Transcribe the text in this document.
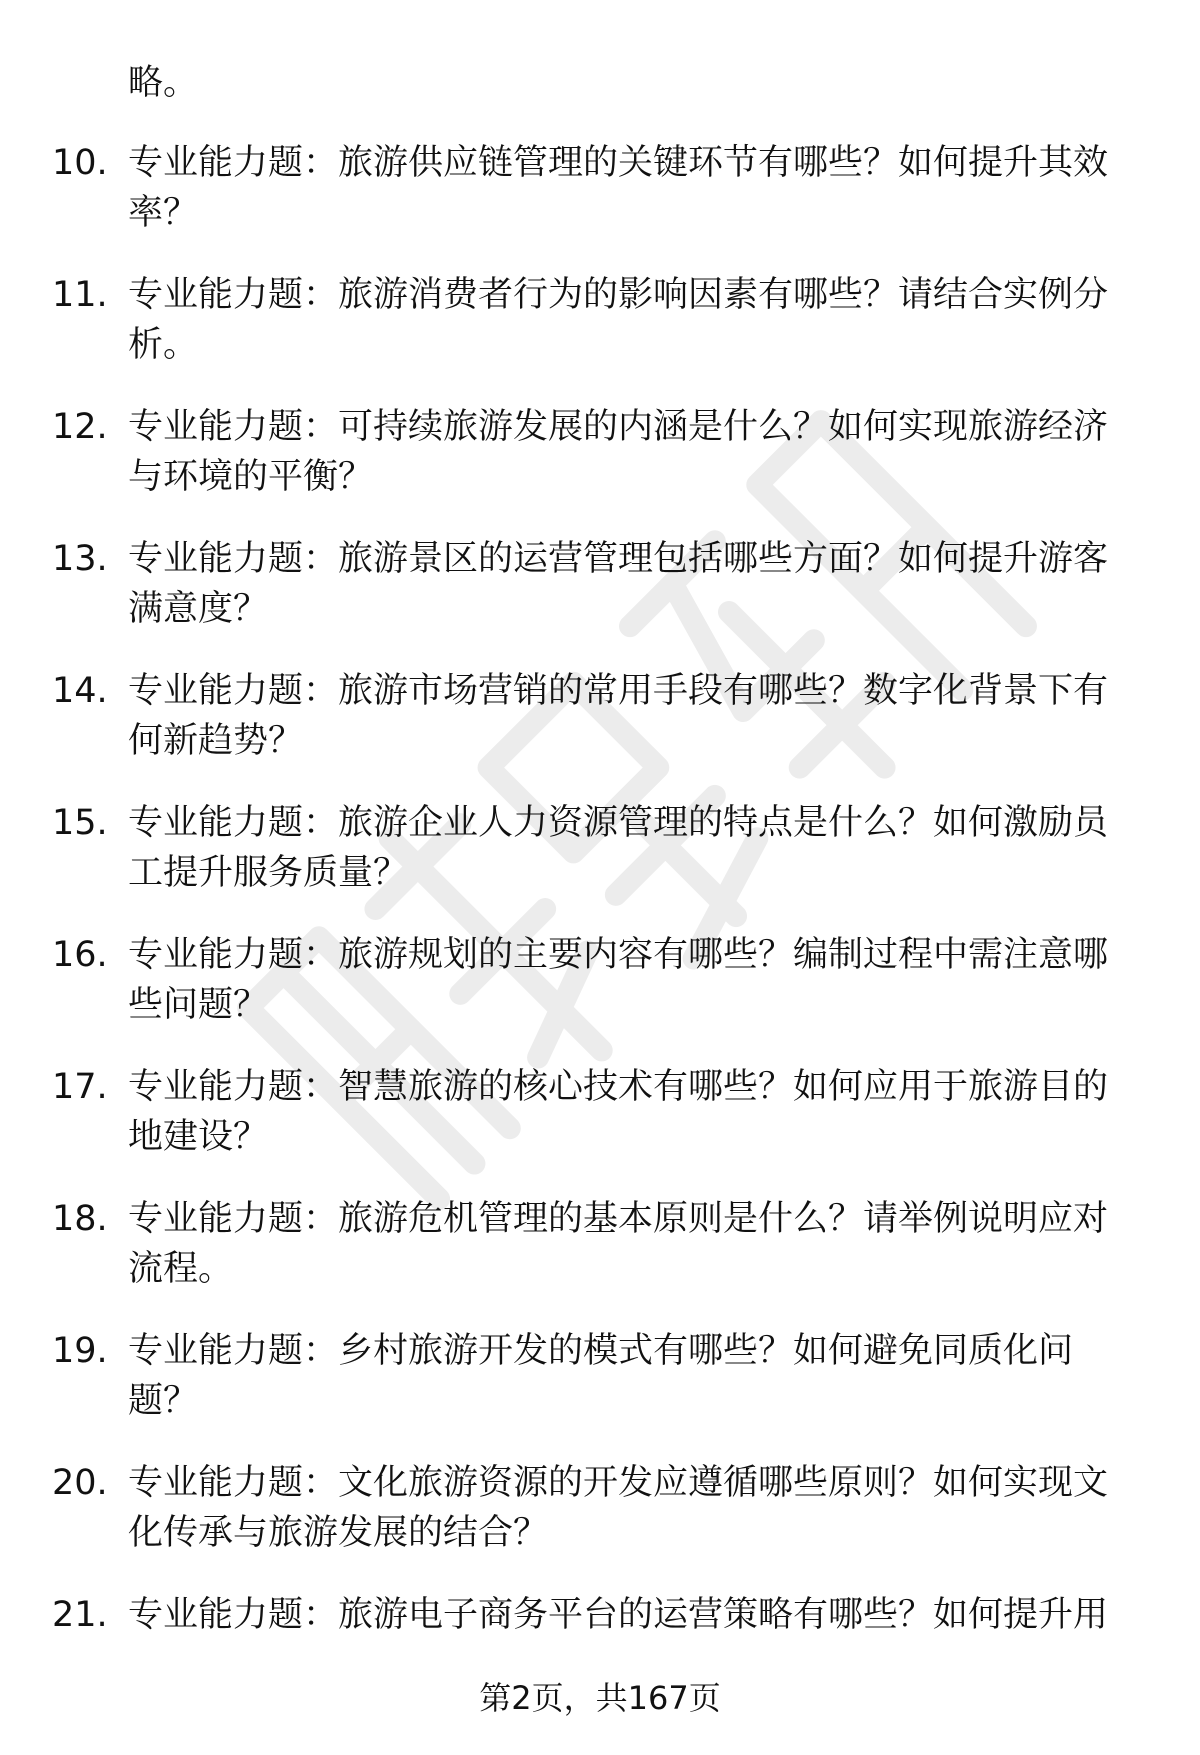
略。

10. 专业能力题：旅游供应链管理的关键环节有哪些？如何提升其效率？

11. 专业能力题：旅游消费者行为的影响因素有哪些？请结合实例分析。

12. 专业能力题：可持续旅游发展的内涵是什么？如何实现旅游经济与环境的平衡？

13. 专业能力题：旅游景区的运营管理包括哪些方面？如何提升游客满意度？

14. 专业能力题：旅游市场营销的常用手段有哪些？数字化背景下有何新趋势？

15. 专业能力题：旅游企业人力资源管理的特点是什么？如何激励员工提升服务质量？

16. 专业能力题：旅游规划的主要内容有哪些？编制过程中需注意哪些问题？

17. 专业能力题：智慧旅游的核心技术有哪些？如何应用于旅游目的地建设？

18. 专业能力题：旅游危机管理的基本原则是什么？请举例说明应对流程。

19. 专业能力题：乡村旅游开发的模式有哪些？如何避免同质化问题？

20. 专业能力题：文化旅游资源的开发应遵循哪些原则？如何实现文化传承与旅游发展的结合？

21. 专业能力题：旅游电子商务平台的运营策略有哪些？如何提升用

第2页，共167页
